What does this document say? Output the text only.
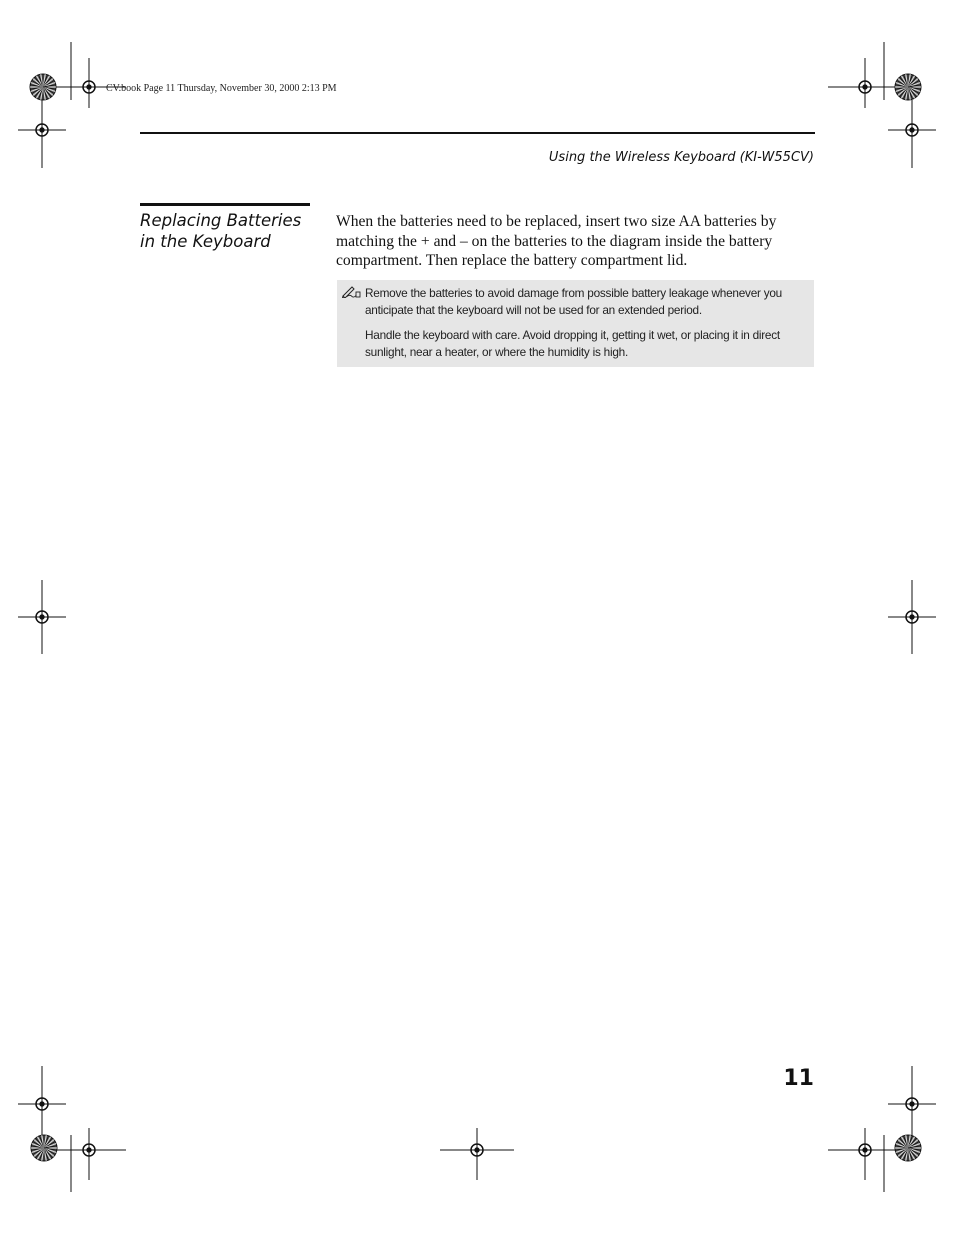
CV.book Page 11 Thursday, November 30, 2000 2:13 PM
Using the Wireless Keyboard (KI-W55CV)
Replacing Batteries
in the Keyboard
When the batteries need to be replaced, insert two size AA batteries by matching the + and – on the batteries to the diagram inside the battery compartment. Then replace the battery compartment lid.
Remove the batteries to avoid damage from possible battery leakage whenever you anticipate that the keyboard will not be used for an extended period.
Handle the keyboard with care. Avoid dropping it, getting it wet, or placing it in direct sunlight, near a heater, or where the humidity is high.
11
